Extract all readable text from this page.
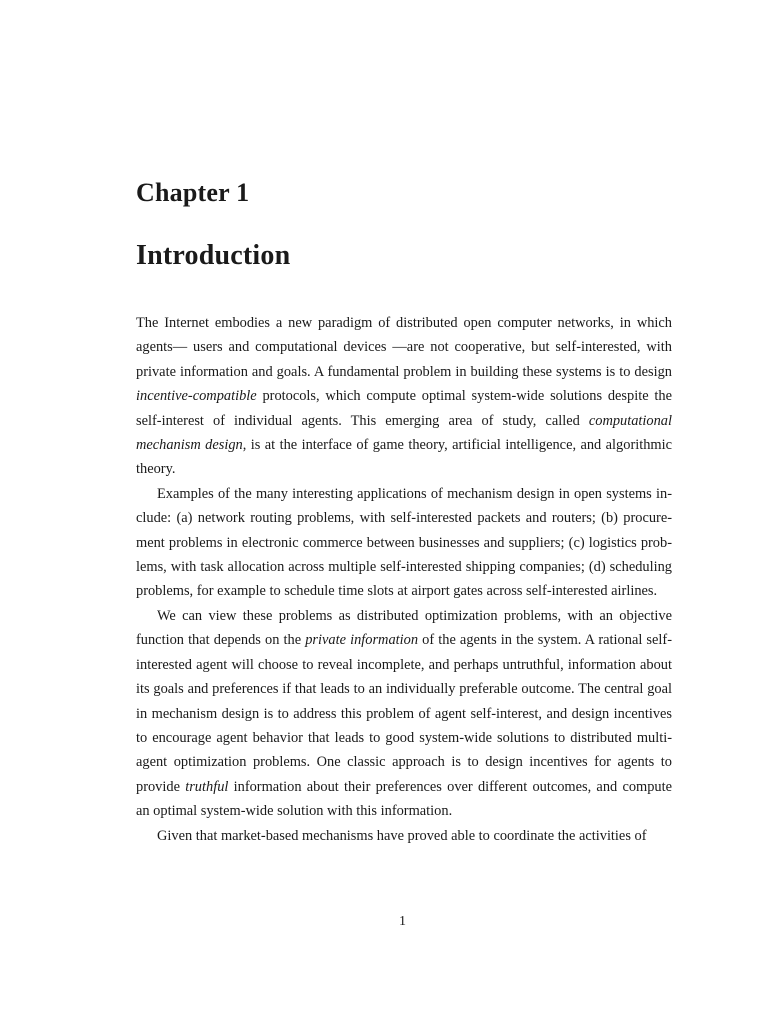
Chapter 1
Introduction

The Internet embodies a new paradigm of distributed open computer networks, in which agents— users and computational devices —are not cooperative, but self-interested, with private information and goals. A fundamental problem in building these systems is to design incentive-compatible protocols, which compute optimal system-wide solutions despite the self-interest of individual agents. This emerging area of study, called computational mechanism design, is at the interface of game theory, artificial intelligence, and algorithmic theory.

Examples of the many interesting applications of mechanism design in open systems include: (a) network routing problems, with self-interested packets and routers; (b) procurement problems in electronic commerce between businesses and suppliers; (c) logistics problems, with task allocation across multiple self-interested shipping companies; (d) scheduling problems, for example to schedule time slots at airport gates across self-interested airlines.

We can view these problems as distributed optimization problems, with an objective function that depends on the private information of the agents in the system. A rational self-interested agent will choose to reveal incomplete, and perhaps untruthful, information about its goals and preferences if that leads to an individually preferable outcome. The central goal in mechanism design is to address this problem of agent self-interest, and design incentives to encourage agent behavior that leads to good system-wide solutions to distributed multi-agent optimization problems. One classic approach is to design incentives for agents to provide truthful information about their preferences over different outcomes, and compute an optimal system-wide solution with this information.

Given that market-based mechanisms have proved able to coordinate the activities of

1
